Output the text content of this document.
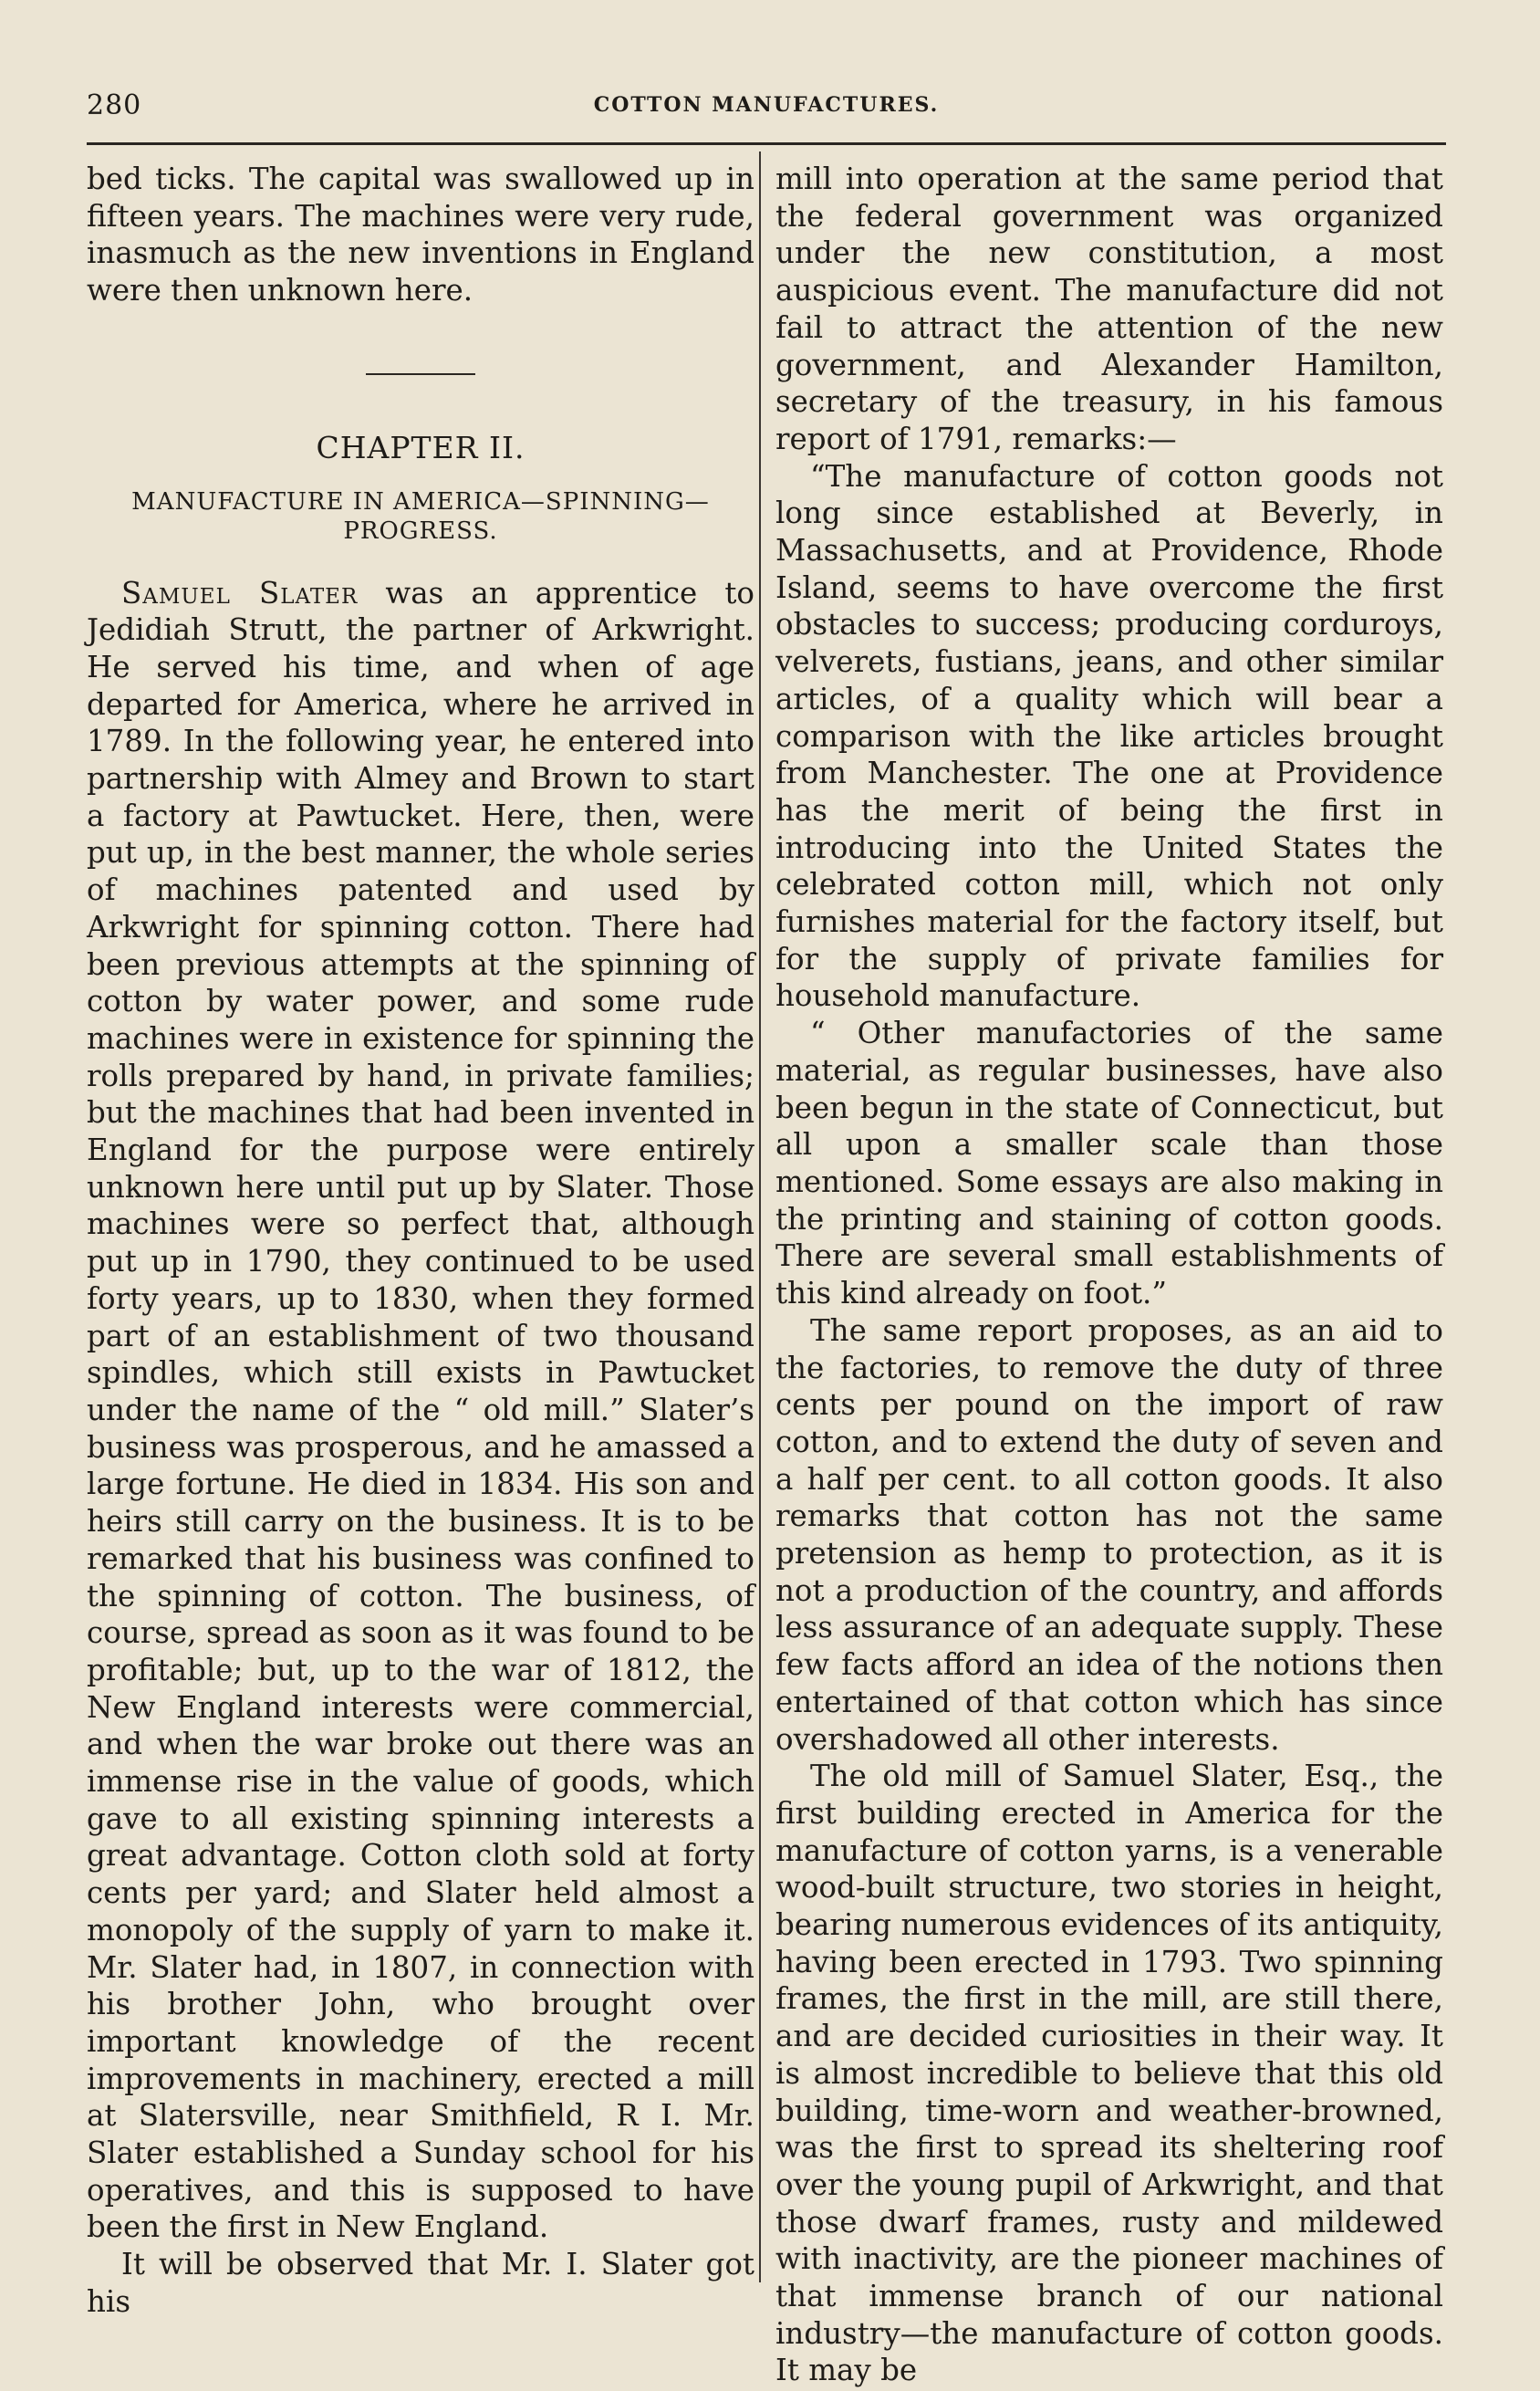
280	COTTON MANUFACTURES.

bed ticks. The capital was swallowed up in fifteen years. The machines were very rude, inasmuch as the new inventions in England were then unknown here.

CHAPTER II.
MANUFACTURE IN AMERICA—SPINNING—PROGRESS.

Samuel Slater was an apprentice to Jedidiah Strutt, the partner of Arkwright. He served his time, and when of age departed for America, where he arrived in 1789. In the following year, he entered into partnership with Almey and Brown to start a factory at Pawtucket. Here, then, were put up, in the best manner, the whole series of machines patented and used by Arkwright for spinning cotton. There had been previous attempts at the spinning of cotton by water power, and some rude machines were in existence for spinning the rolls prepared by hand, in private families; but the machines that had been invented in England for the purpose were entirely unknown here until put up by Slater. Those machines were so perfect that, although put up in 1790, they continued to be used forty years, up to 1830, when they formed part of an establishment of two thousand spindles, which still exists in Pawtucket under the name of the “ old mill.” Slater’s business was prosperous, and he amassed a large fortune. He died in 1834. His son and heirs still carry on the business. It is to be remarked that his business was confined to the spinning of cotton. The business, of course, spread as soon as it was found to be profitable; but, up to the war of 1812, the New England interests were commercial, and when the war broke out there was an immense rise in the value of goods, which gave to all existing spinning interests a great advantage. Cotton cloth sold at forty cents per yard; and Slater held almost a monopoly of the supply of yarn to make it. Mr. Slater had, in 1807, in connection with his brother John, who brought over important knowledge of the recent improvements in machinery, erected a mill at Slatersville, near Smithfield, R I. Mr. Slater established a Sunday school for his operatives, and this is supposed to have been the first in New England.

It will be observed that Mr. I. Slater got his

mill into operation at the same period that the federal government was organized under the new constitution, a most auspicious event. The manufacture did not fail to attract the attention of the new government, and Alexander Hamilton, secretary of the treasury, in his famous report of 1791, remarks:—

“The manufacture of cotton goods not long since established at Beverly, in Massachusetts, and at Providence, Rhode Island, seems to have overcome the first obstacles to success; producing corduroys, velverets, fustians, jeans, and other similar articles, of a quality which will bear a comparison with the like articles brought from Manchester. The one at Providence has the merit of being the first in introducing into the United States the celebrated cotton mill, which not only furnishes material for the factory itself, but for the supply of private families for household manufacture.

“ Other manufactories of the same material, as regular businesses, have also been begun in the state of Connecticut, but all upon a smaller scale than those mentioned. Some essays are also making in the printing and staining of cotton goods. There are several small establishments of this kind already on foot.”

The same report proposes, as an aid to the factories, to remove the duty of three cents per pound on the import of raw cotton, and to extend the duty of seven and a half per cent. to all cotton goods. It also remarks that cotton has not the same pretension as hemp to protection, as it is not a production of the country, and affords less assurance of an adequate supply. These few facts afford an idea of the notions then entertained of that cotton which has since overshadowed all other interests.

The old mill of Samuel Slater, Esq., the first building erected in America for the manufacture of cotton yarns, is a venerable wood-built structure, two stories in height, bearing numerous evidences of its antiquity, having been erected in 1793. Two spinning frames, the first in the mill, are still there, and are decided curiosities in their way. It is almost incredible to believe that this old building, time-worn and weather-browned, was the first to spread its sheltering roof over the young pupil of Arkwright, and that those dwarf frames, rusty and mildewed with inactivity, are the pioneer machines of that immense branch of our national industry—the manufacture of cotton goods. It may be
